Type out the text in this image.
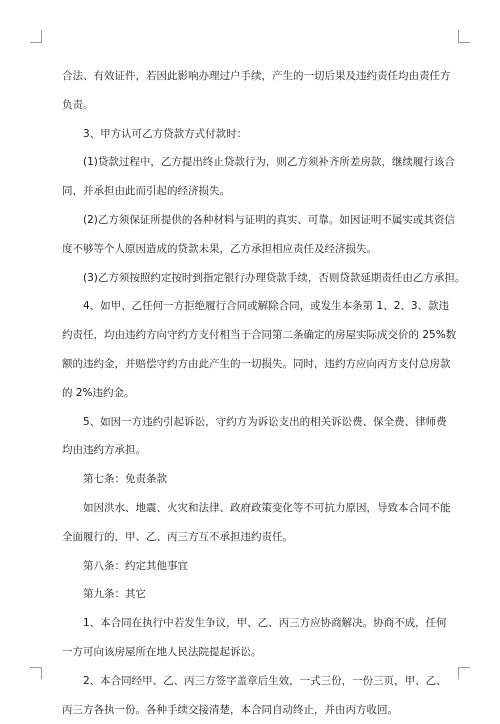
合法、有效证件，若因此影响办理过户手续，产生的一切后果及违约责任均由责任方
负责。
3、甲方认可乙方贷款方式付款时：
(1)贷款过程中，乙方提出终止贷款行为，则乙方须补齐所差房款，继续履行该合
同，并承担由此而引起的经济损失。
(2)乙方须保证所提供的各种材料与证明的真实、可靠。如因证明不属实或其资信
度不够等个人原因造成的贷款未果，乙方承担相应责任及经济损失。
(3)乙方须按照约定按时到指定银行办理贷款手续，否则贷款延期责任由乙方承担。
4、如甲、乙任何一方拒绝履行合同或解除合同，或发生本条第 1、2、3、款违
约责任，均由违约方向守约方支付相当于合同第二条确定的房屋实际成交价的 25%数
额的违约金，并赔偿守约方由此产生的一切损失。同时，违约方应向丙方支付总房款
的 2%违约金。
5、如因一方违约引起诉讼，守约方为诉讼支出的相关诉讼费、保全费、律师费
均由违约方承担。
第七条：免责条款
如因洪水、地震、火灾和法律、政府政策变化等不可抗力原因，导致本合同不能
全面履行的，甲、乙、丙三方互不承担违约责任。
第八条：约定其他事宜
第九条：其它
1、本合同在执行中若发生争议，甲、乙、丙三方应协商解决。协商不成，任何
一方可向该房屋所在地人民法院提起诉讼。
2、本合同经甲、乙、丙三方签字盖章后生效，一式三份，一份三页，甲、乙、
丙三方各执一份。各种手续交接清楚，本合同自动终止，并由丙方收回。
